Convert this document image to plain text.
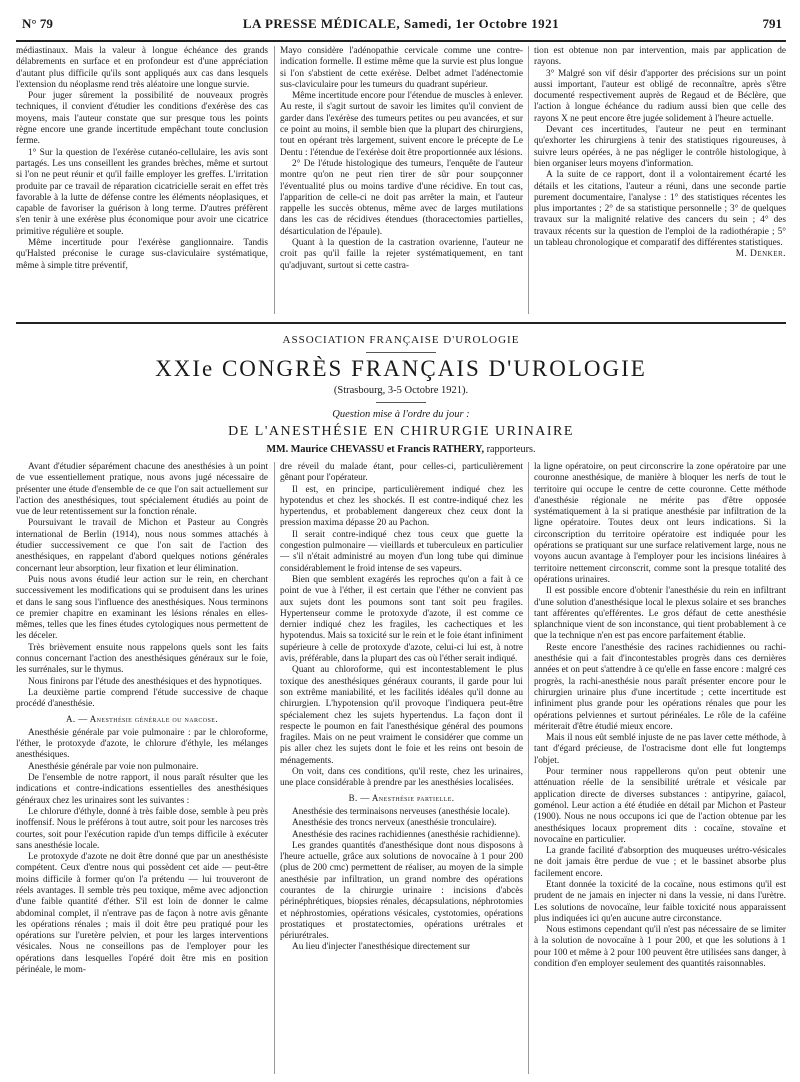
N° 79	LA PRESSE MÉDICALE, Samedi, 1er Octobre 1921	791

médiastinaux. Mais la valeur à longue échéance des grands délabrements en surface et en profondeur est d'une appréciation d'autant plus difficile qu'ils sont appliqués aux cas dans lesquels l'extension du néoplasme rend très aléatoire une longue survie.

Pour juger sûrement la possibilité de nouveaux progrès techniques, il convient d'étudier les conditions d'exérèse des cas moyens, mais l'auteur constate que sur presque tous les points règne encore une grande incertitude empêchant toute conclusion ferme.

1° Sur la question de l'exérèse cutanéo-cellulaire, les avis sont partagés. Les uns conseillent les grandes brèches, même et surtout si l'on ne peut réunir et qu'il faille employer les greffes. L'irritation produite par ce travail de réparation cicatricielle serait en effet très favorable à la lutte de défense contre les éléments néoplasiques, et capable de favoriser la guérison à long terme. D'autres préfèrent s'en tenir à une exérèse plus économique pour avoir une cicatrice primitive régulière et souple.

Même incertitude pour l'exérèse ganglionnaire. Tandis qu'Halsted préconise le curage sus-claviculaire systématique, même à simple titre préventif,

Mayo considère l'adénopathie cervicale comme une contre-indication formelle. Il estime même que la survie est plus longue si l'on s'abstient de cette exérèse. Delbet admet l'adénectomie sus-claviculaire pour les tumeurs du quadrant supérieur.

Même incertitude encore pour l'étendue de muscles à enlever. Au reste, il s'agit surtout de savoir les limites qu'il convient de garder dans l'exérèse des tumeurs petites ou peu avancées, et sur ce point au moins, il semble bien que la plupart des chirurgiens, tout en opérant très largement, suivent encore le précepte de Le Dentu : l'étendue de l'exérèse doit être proportionnée aux lésions.

2° De l'étude histologique des tumeurs, l'enquête de l'auteur montre qu'on ne peut rien tirer de sûr pour soupçonner l'éventualité plus ou moins tardive d'une récidive. En tout cas, l'apparition de celle-ci ne doit pas arrêter la main, et l'auteur rappelle les succès obtenus, même avec de larges mutilations dans les cas de récidives étendues (thoracectomies partielles, désarticulation de l'épaule).

Quant à la question de la castration ovarienne, l'auteur ne croit pas qu'il faille la rejeter systématiquement, en tant qu'adjuvant, surtout si cette castra-

tion est obtenue non par intervention, mais par application de rayons.

3° Malgré son vif désir d'apporter des précisions sur un point aussi important, l'auteur est obligé de reconnaître, après s'être documenté respectivement auprès de Regaud et de Béclère, que l'action à longue échéance du radium aussi bien que celle des rayons X ne peut encore être jugée solidement à l'heure actuelle.

Devant ces incertitudes, l'auteur ne peut en terminant qu'exhorter les chirurgiens à tenir des statistiques rigoureuses, à suivre leurs opérées, à ne pas négliger le contrôle histologique, à bien organiser leurs moyens d'information.

A la suite de ce rapport, dont il a volontairement écarté les détails et les citations, l'auteur a réuni, dans une seconde partie purement documentaire, l'analyse : 1° des statistiques récentes les plus importantes ; 2° de sa statistique personnelle ; 3° de quelques travaux sur la malignité relative des cancers du sein ; 4° des travaux récents sur la question de l'emploi de la radiothérapie ; 5° un tableau chronologique et comparatif des différentes statistiques.

M. Denker.

ASSOCIATION FRANÇAISE D'UROLOGIE
XXIe CONGRÈS FRANÇAIS D'UROLOGIE
(Strasbourg, 3-5 Octobre 1921).
Question mise à l'ordre du jour :
DE L'ANESTHÉSIE EN CHIRURGIE URINAIRE
MM. Maurice CHEVASSU et Francis RATHERY, rapporteurs.

Avant d'étudier séparément chacune des anesthésies à un point de vue essentiellement pratique, nous avons jugé nécessaire de présenter une étude d'ensemble de ce que l'on sait actuellement sur l'action des anesthésiques, tout spécialement étudiés au point de vue de leur retentissement sur la fonction rénale.

Poursuivant le travail de Michon et Pasteur au Congrès international de Berlin (1914), nous nous sommes attachés à étudier successivement ce que l'on sait de l'action des anesthésiques, en rappelant d'abord quelques notions générales concernant leur absorption, leur fixation et leur élimination.

Puis nous avons étudié leur action sur le rein, en cherchant successivement les modifications qui se produisent dans les urines et dans le sang sous l'influence des anesthésiques. Nous terminons ce premier chapitre en examinant les lésions rénales en elles-mêmes, telles que les fines études cytologiques nous permettent de les déceler.

Très brièvement ensuite nous rappelons quels sont les faits connus concernant l'action des anesthésiques généraux sur le foie, les surrénales, sur le thymus.

Nous finirons par l'étude des anesthésiques et des hypnotiques.

La deuxième partie comprend l'étude successive de chaque procédé d'anesthésie.

A. — Anesthésie générale ou narcose.

Anesthésie générale par voie pulmonaire : par le chloroforme, l'éther, le protoxyde d'azote, le chlorure d'éthyle, les mélanges anesthésiques.

Anesthésie générale par voie non pulmonaire.

De l'ensemble de notre rapport, il nous paraît résulter que les indications et contre-indications essentielles des anesthésiques généraux chez les urinaires sont les suivantes :

Le chlorure d'éthyle, donné à très faible dose, semble à peu près inoffensif. Nous le préférons à tout autre, soit pour les narcoses très courtes, soit pour l'exécution rapide d'un temps difficile à exécuter sans anesthésie locale.

Le protoxyde d'azote ne doit être donné que par un anesthésiste compétent. Ceux d'entre nous qui possèdent cet aide — peut-être moins difficile à former qu'on l'a prétendu — lui trouveront de réels avantages. Il semble très peu toxique, même avec adjonction d'une faible quantité d'éther. S'il est loin de donner le calme abdominal complet, il n'entrave pas de façon à notre avis gênante les opérations rénales ; mais il doit être peu pratiqué pour les opérations sur l'uretère pelvien, et pour les larges interventions vésicales. Nous ne conseillons pas de l'employer pour les opérations dans lesquelles l'opéré doit être mis en position périnéale, le mom-

dre réveil du malade étant, pour celles-ci, particulièrement gênant pour l'opérateur.

Il est, en principe, particulièrement indiqué chez les hypotendus et chez les shockés. Il est contre-indiqué chez les hypertendus, et probablement dangereux chez ceux dont la pression maxima dépasse 20 au Pachon.

Il serait contre-indiqué chez tous ceux que guette la congestion pulmonaire — vieillards et tuberculeux en particulier — s'il n'était administré au moyen d'un long tube qui diminue considérablement le froid intense de ses vapeurs.

Bien que semblent exagérés les reproches qu'on a fait à ce point de vue à l'éther, il est certain que l'éther ne convient pas aux sujets dont les poumons sont tant soit peu fragiles. Hypertenseur comme le protoxyde d'azote, il est comme ce dernier indiqué chez les fragiles, les cachectiques et les hypotendus. Mais sa toxicité sur le rein et le foie étant infiniment supérieure à celle de protoxyde d'azote, celui-ci lui est, à notre avis, préférable, dans la plupart des cas où l'éther serait indiqué.

Quant au chloroforme, qui est incontestablement le plus toxique des anesthésiques généraux courants, il garde pour lui son extrême maniabilité, et les facilités idéales qu'il donne au chirurgien. L'hypotension qu'il provoque l'indiquera peut-être spécialement chez les sujets hypertendus. La façon dont il respecte le poumon en fait l'anesthésique général des poumons fragiles. Mais on ne peut vraiment le considérer que comme un pis aller chez les sujets dont le foie et les reins ont besoin de ménagements.

On voit, dans ces conditions, qu'il reste, chez les urinaires, une place considérable à prendre par les anesthésies localisées.

B. — Anesthésie partielle.

Anesthésie des terminaisons nerveuses (anesthésie locale).

Anesthésie des troncs nerveux (anesthésie tronculaire).

Anesthésie des racines rachidiennes (anesthésie rachidienne).

Les grandes quantités d'anesthésique dont nous disposons à l'heure actuelle, grâce aux solutions de novocaïne à 1 pour 200 (plus de 200 cmc) permettent de réaliser, au moyen de la simple anesthésie par infiltration, un grand nombre des opérations courantes de la chirurgie urinaire : incisions d'abcès périnéphrétiques, biopsies rénales, décapsulations, néphrotomies et néphrostomies, opérations vésicales, cystotomies, opérations prostatiques et prostatectomies, opérations urétrales et périurétrales.

Au lieu d'injecter l'anesthésique directement sur

la ligne opératoire, on peut circonscrire la zone opératoire par une couronne anesthésique, de manière à bloquer les nerfs de tout le territoire qui occupe le centre de cette couronne. Cette méthode d'anesthésie régionale ne mérite pas d'être opposée systématiquement à la si pratique anesthésie par infiltration de la ligne opératoire. Toutes deux ont leurs indications. Si la circonscription du territoire opératoire est indiquée pour les opérations se pratiquant sur une surface relativement large, nous ne voyons aucun avantage à l'employer pour les incisions linéaires à territoire nettement circonscrit, comme sont la presque totalité des opérations urinaires.

Il est possible encore d'obtenir l'anesthésie du rein en infiltrant d'une solution d'anesthésique local le plexus solaire et ses branches tant afférentes qu'efférentes. Le gros défaut de cette anesthésie splanchnique vient de son inconstance, qui tient probablement à ce que la technique n'en est pas encore parfaitement établie.

Reste encore l'anesthésie des racines rachidiennes ou rachi-anesthésie qui a fait d'incontestables progrès dans ces dernières années et on peut s'attendre à ce qu'elle en fasse encore : malgré ces progrès, la rachi-anesthésie nous paraît présenter encore pour le chirurgien urinaire plus d'une incertitude ; cette incertitude est infiniment plus grande pour les opérations rénales que pour les opérations pelviennes et surtout périnéales. Le rôle de la caféine mériterait d'être étudié mieux encore.

Mais il nous eût semblé injuste de ne pas laver cette méthode, à tant d'égard précieuse, de l'ostracisme dont elle fut longtemps l'objet.

Pour terminer nous rappellerons qu'on peut obtenir une atténuation réelle de la sensibilité urétrale et vésicale par application directe de diverses substances : antipyrine, gaïacol, goménol. Leur action a été étudiée en détail par Michon et Pasteur (1900). Nous ne nous occupons ici que de l'action obtenue par les anesthésiques locaux proprement dits : cocaïne, stovaïne et novocaïne en particulier.

La grande facilité d'absorption des muqueuses urétro-vésicales ne doit jamais être perdue de vue ; et le bassinet absorbe plus facilement encore.

Etant donnée la toxicité de la cocaïne, nous estimons qu'il est prudent de ne jamais en injecter ni dans la vessie, ni dans l'urètre. Les solutions de novocaïne, leur faible toxicité nous apparaissent plus indiquées ici qu'en aucune autre circonstance.

Nous estimons cependant qu'il n'est pas nécessaire de se limiter à la solution de novocaïne à 1 pour 200, et que les solutions à 1 pour 100 et même à 2 pour 100 peuvent être utilisées sans danger, à condition d'en employer seulement des quantités raisonnables.
